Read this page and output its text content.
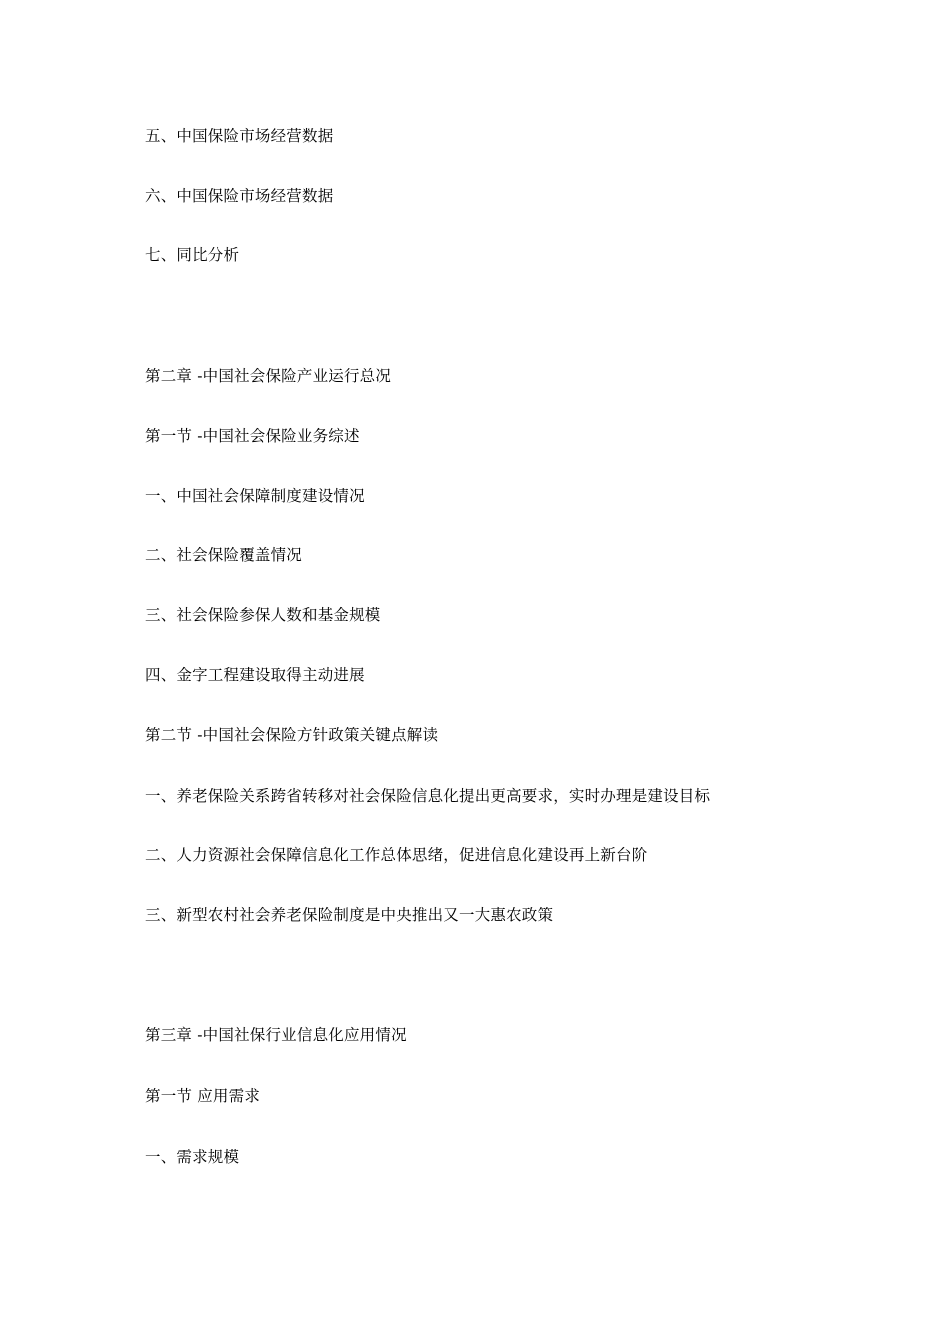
五、中国保险市场经营数据
六、中国保险市场经营数据
七、同比分析
第二章 -中国社会保险产业运行总况
第一节 -中国社会保险业务综述
一、中国社会保障制度建设情况
二、社会保险覆盖情况
三、社会保险参保人数和基金规模
四、金字工程建设取得主动进展
第二节 -中国社会保险方针政策关键点解读
一、养老保险关系跨省转移对社会保险信息化提出更高要求，实时办理是建设目标
二、人力资源社会保障信息化工作总体思绪，促进信息化建设再上新台阶
三、新型农村社会养老保险制度是中央推出又一大惠农政策
第三章 -中国社保行业信息化应用情况
第一节 应用需求
一、需求规模
